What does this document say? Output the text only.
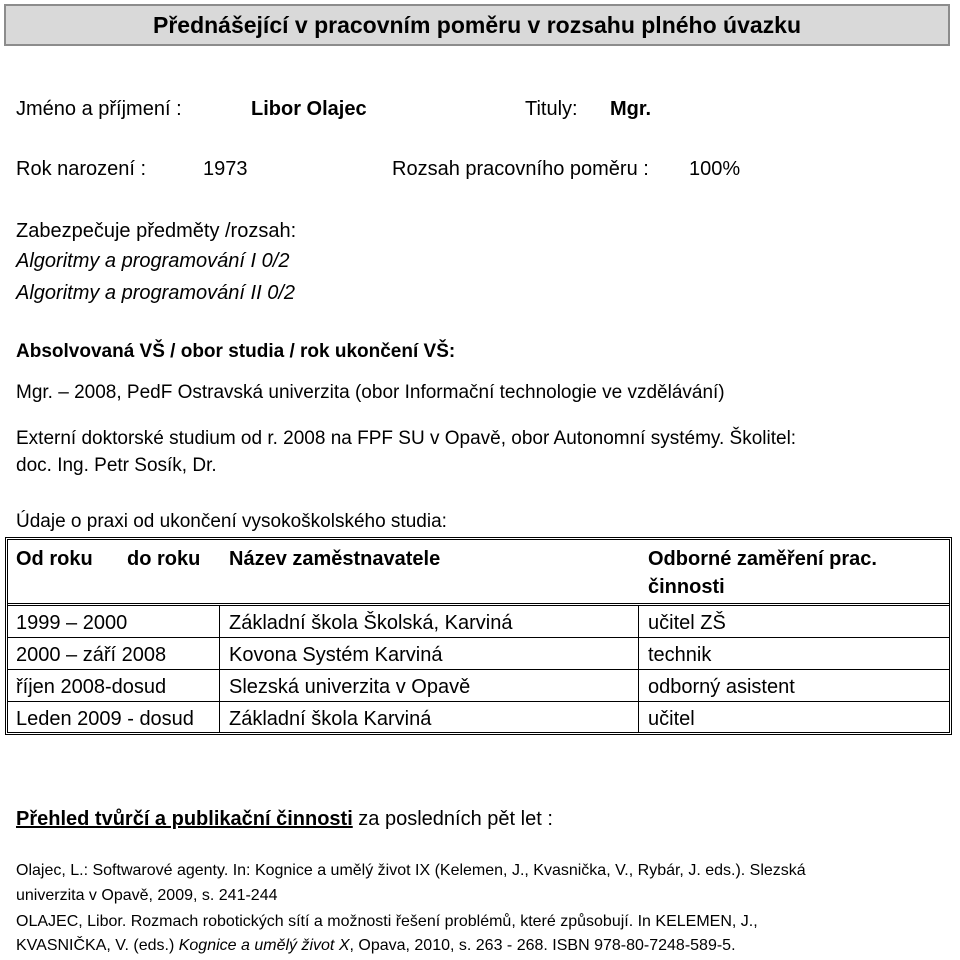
Přednášející v pracovním poměru v rozsahu plného úvazku
Jméno a příjmení :	Libor Olajec	Tituly: Mgr.
Rok narození :	1973	Rozsah pracovního poměru : 100%
Zabezpečuje předměty /rozsah:
Algoritmy a programování I 0/2
Algoritmy a programování II 0/2
Absolvovaná VŠ / obor studia / rok ukončení VŠ:
Mgr. – 2008, PedF Ostravská univerzita (obor Informační technologie ve vzdělávání)
Externí doktorské studium od r. 2008 na FPF SU v Opavě, obor Autonomní systémy. Školitel:
doc. Ing. Petr Sosík, Dr.
Údaje o praxi od ukončení vysokoškolského studia:
Od roku do roku Název zaměstnavatele	Odborné zaměření prac.
činnosti
1999 – 2000	Základní škola Školská, Karviná	učitel ZŠ
2000 – září 2008	Kovona Systém Karviná	technik
říjen 2008-dosud	Slezská univerzita v Opavě	odborný asistent
Leden 2009 - dosud Základní škola Karviná	učitel
Přehled tvůrčí a publikační činnosti za posledních pět let :
Olajec, L.: Softwarové agenty. In: Kognice a umělý život IX (Kelemen, J., Kvasnička, V., Rybár, J. eds.). Slezská
univerzita v Opavě, 2009, s. 241-244
OLAJEC, Libor. Rozmach robotických sítí a možnosti řešení problémů, které způsobují. In KELEMEN, J.,
KVASNIČKA, V. (eds.) Kognice a umělý život X, Opava, 2010, s. 263 - 268. ISBN 978-80-7248-589-5.
